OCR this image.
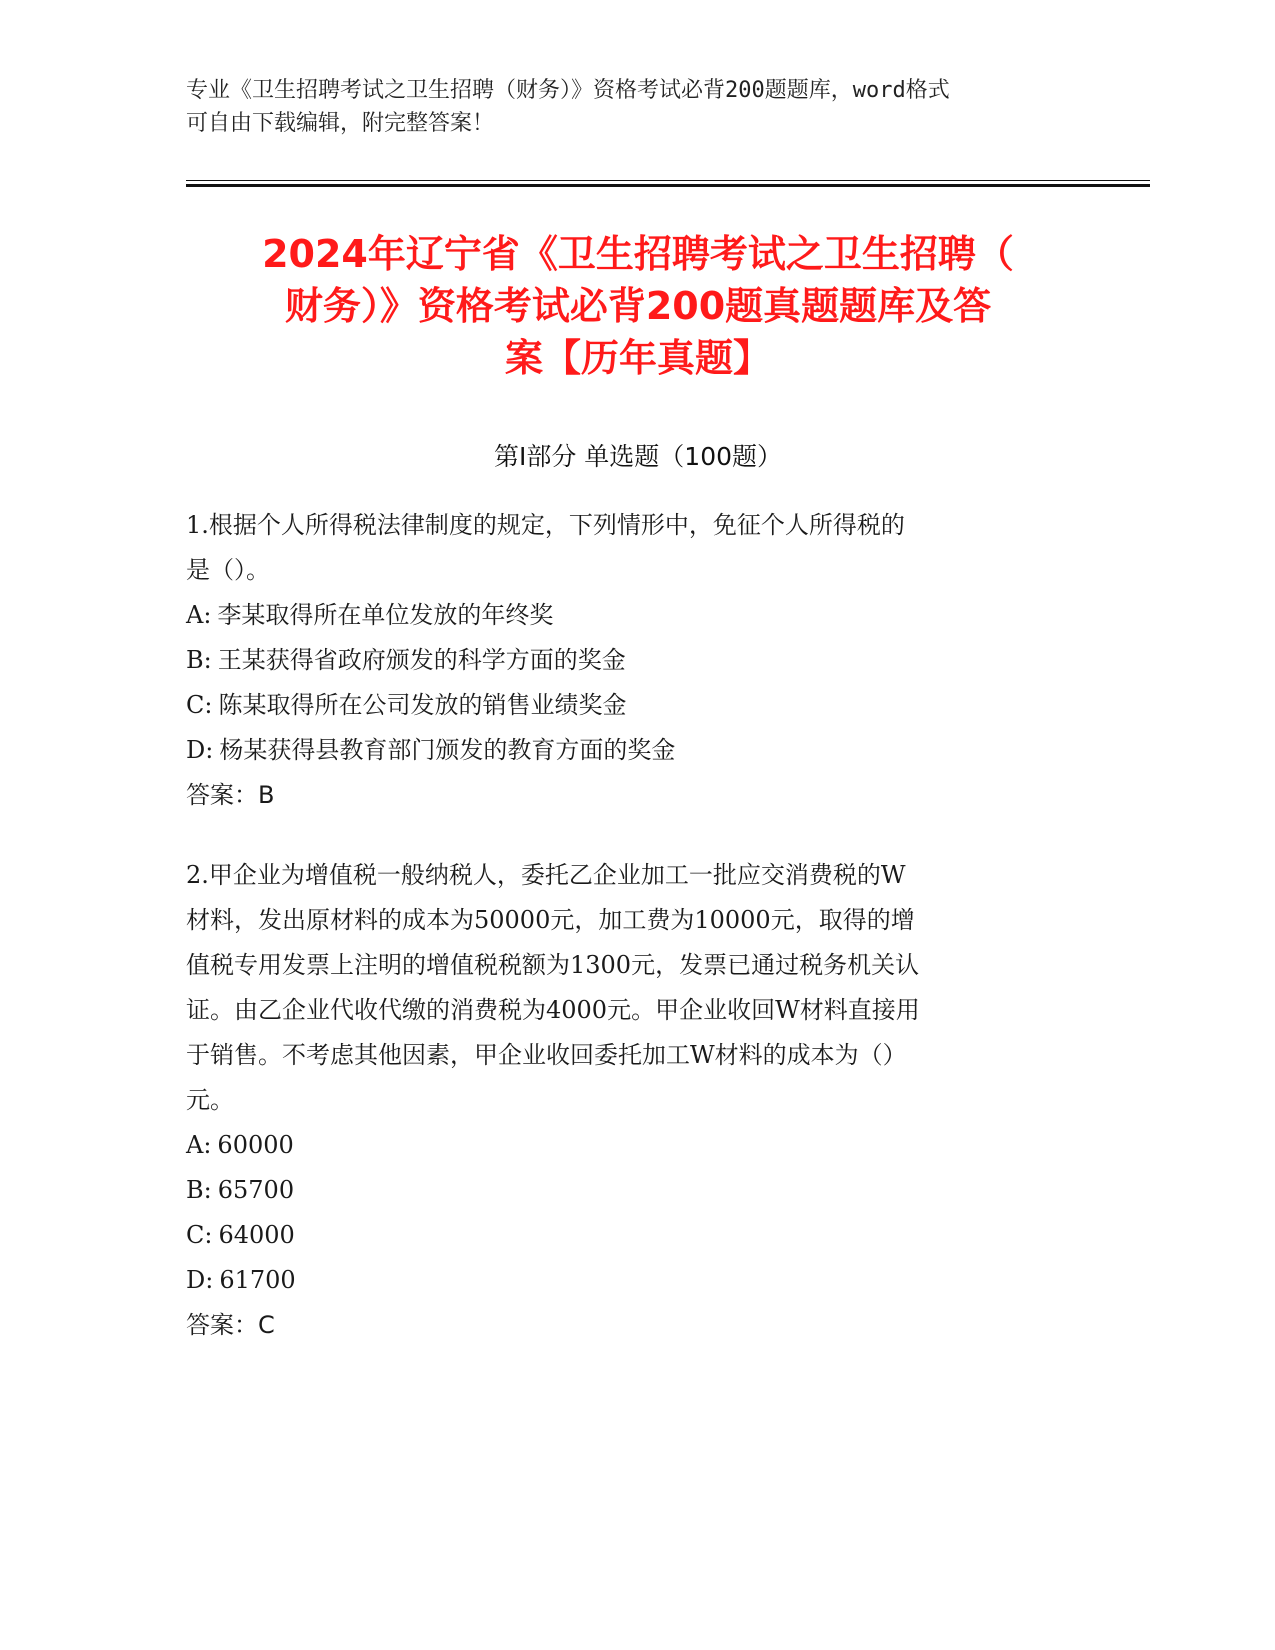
专业《卫生招聘考试之卫生招聘（财务）》资格考试必背200题题库，word格式
可自由下载编辑，附完整答案！
2024年辽宁省《卫生招聘考试之卫生招聘（
财务）》资格考试必背200题真题题库及答
案【历年真题】
第Ⅰ部分 单选题（100题）
1.根据个人所得税法律制度的规定，下列情形中，免征个人所得税的
是（）。
A: 李某取得所在单位发放的年终奖
B: 王某获得省政府颁发的科学方面的奖金
C: 陈某取得所在公司发放的销售业绩奖金
D: 杨某获得县教育部门颁发的教育方面的奖金
答案：B
2.甲企业为增值税一般纳税人，委托乙企业加工一批应交消费税的W
材料，发出原材料的成本为50000元，加工费为10000元，取得的增
值税专用发票上注明的增值税税额为1300元，发票已通过税务机关认
证。由乙企业代收代缴的消费税为4000元。甲企业收回W材料直接用
于销售。不考虑其他因素，甲企业收回委托加工W材料的成本为（）
元。
A: 60000
B: 65700
C: 64000
D: 61700
答案：C
